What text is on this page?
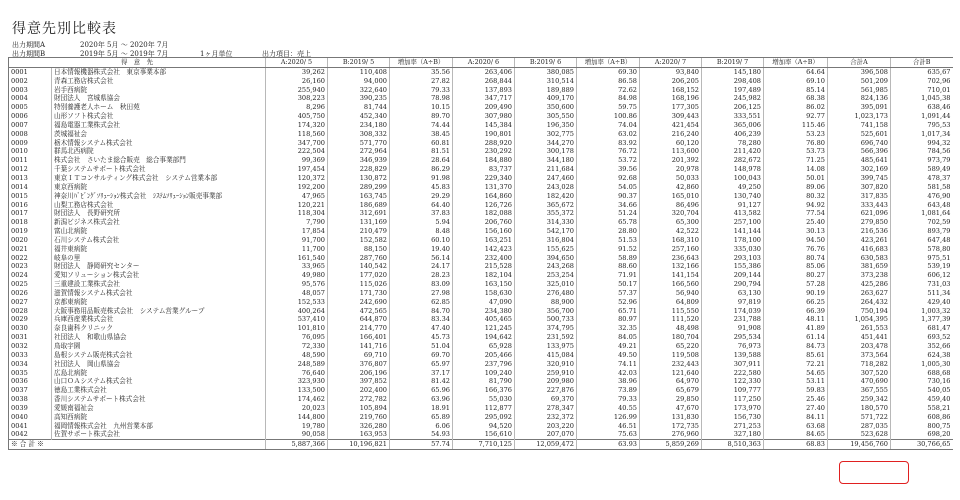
得意先別比較表
出力期間A	2020年 5月 ～ 2020年 7月
出力期間B	2019年 5月 ～ 2019年 7月	1ヶ月単位	出力項目：売上
得　意　先		A:2020/ 5	B:2019/ 5	増加率（A÷B）	A:2020/ 6	B:2019/ 6	増加率（A÷B）	A:2020/ 7	B:2019/ 7	増加率（A÷B）	合計A	合計B
0001	日本情報機器株式会社　東京事業本部	39,262	110,408	35.56	263,406	380,085	69.30	93,840	145,180	64.64	396,508	635,67
0002	青森工務店株式会社	26,160	94,000	27.82	268,844	310,514	86.58	206,205	298,408	69.10	501,209	702,96
0003	岩手西病院	255,940	322,640	79.33	137,893	189,889	72.62	168,152	197,489	85.14	561,985	710,01
0004	財団法人　宮城県協会	308,223	390,235	78.98	347,717	409,170	84.98	168,196	245,982	68.38	824,136	1,045,38
0005	特別養護老人ホーム　秋田苑	8,296	81,744	10.15	209,490	350,600	59.75	177,305	206,125	86.02	395,091	638,46
0006	山形ソフト株式会社	405,750	452,340	89.70	307,980	305,550	100.86	309,443	333,551	92.77	1,023,173	1,091,44
0007	福島電器工業株式会社	174,320	234,180	74.44	145,384	196,350	74.04	421,454	365,006	115.46	741,158	795,53
0008	茨城福祉会	118,560	308,332	38.45	190,801	302,775	63.02	216,240	406,239	53.23	525,601	1,017,34
0009	栃木情報システム株式会社	347,700	571,770	60.81	288,920	344,270	83.92	60,120	78,280	76.80	696,740	994,32
0010	群馬北西病院	222,504	272,964	81.51	230,292	300,178	76.72	113,600	211,420	53.73	566,396	784,56
0011	株式会社　さいたま総合販売　総合事業部門	99,369	346,939	28.64	184,880	344,180	53.72	201,392	282,672	71.25	485,641	973,79
0012	千葉システムサポート株式会社	197,454	228,829	86.29	83,737	211,684	39.56	20,978	148,978	14.08	302,169	589,49
0013	東京ＩＴコンサルティング株式会社　システム営業本部	120,372	130,872	91.98	229,340	247,460	92.68	50,033	100,043	50.01	399,745	478,37
0014	東京西病院	192,200	289,299	45.83	131,370	243,028	54.05	42,860	49,250	89.06	307,820	581,58
0015	神奈川ﾊﾞﾋﾞﾝｸﾞｿﾘｭｰｼｮﾝ株式会社　ｼｽﾃﾑｿﾘｭｰｼｮﾝ販売事業部	47,965	163,745	29.29	164,860	182,420	90.37	165,010	130,740	80.32	317,835	476,90
0016	山梨工務店株式会社	120,221	186,689	64.40	126,726	365,672	34.66	86,496	91,127	94.92	333,443	643,48
0017	財団法人　長野研究所	118,304	312,691	37.83	182,088	355,372	51.24	320,704	413,582	77.54	621,096	1,081,64
0018	新潟ビジネス株式会社	7,790	131,169	5.94	206,760	314,330	65.78	65,300	257,100	25.40	279,850	702,59
0019	富山北病院	17,854	210,479	8.48	156,160	542,170	28.80	42,522	141,144	30.13	216,536	893,79
0020	石川システム株式会社	91,700	152,582	60.10	163,251	316,804	51.53	168,310	178,100	94.50	423,261	647,48
0021	福井東病院	11,700	88,150	19.40	142,423	155,625	91.52	257,160	335,030	76.76	416,683	578,80
0022	岐阜の里	161,540	287,760	56.14	232,400	394,650	58.89	236,643	293,103	80.74	630,583	975,51
0023	財団法人　静岡研究センター	33,965	140,542	24.17	215,528	243,268	88.60	132,166	155,386	85.06	381,659	539,19
0024	愛知ソリューション株式会社	49,980	177,020	28.23	182,104	253,254	71.91	141,154	209,144	80.27	373,238	606,12
0025	三重建設工業株式会社	95,576	115,026	83.09	163,150	325,010	50.17	166,560	290,794	57.28	425,286	731,03
0026	滋賀情報システム株式会社	48,057	171,730	27.98	158,630	276,480	57.37	56,940	63,130	90.19	263,627	511,34
0027	京都東病院	152,533	242,690	62.85	47,090	88,900	52.96	64,809	97,819	66.25	264,432	429,40
0028	大阪事務用品販売株式会社　システム営業グループ	400,264	472,565	84.70	234,380	356,700	65.71	115,550	174,039	66.39	750,194	1,003,32
0029	兵庫西産業株式会社	537,410	644,870	83.34	405,465	500,733	80.97	111,520	231,788	48.11	1,054,395	1,377,39
0030	奈良歯科クリニック	101,810	214,770	47.40	121,245	374,795	32.35	48,498	91,908	41.89	261,553	681,47
0031	社団法人　和歌山県協会	76,095	166,401	45.73	194,642	231,592	84.05	180,704	295,534	61.14	451,441	693,52
0032	鳥取宇園	72,330	141,716	51.04	65,928	133,975	49.21	65,220	76,973	84.73	203,478	352,66
0033	島根システム販売株式会社	48,590	69,710	69.70	205,466	415,084	49.50	119,508	139,588	85.61	373,564	624,38
0034	社団法人　岡山県協会	248,589	376,807	65.97	237,796	320,910	74.11	232,443	307,911	72.21	718,282	1,005,30
0035	広島北病院	76,640	206,196	37.17	109,240	259,910	42.03	121,640	222,580	54.65	307,520	688,68
0036	山口ＯＡシステム株式会社	323,930	397,852	81.42	81,790	209,980	38.96	64,970	122,330	53.11	470,690	730,16
0037	徳島工業株式会社	133,500	202,400	65.96	166,376	227,876	73.89	65,679	109,777	59.83	367,555	540,05
0038	香川システムサポート株式会社	174,462	272,782	63.96	55,030	69,370	79.33	29,850	117,250	25.46	259,342	459,40
0039	愛媛南福祉会	20,023	105,894	18.91	112,877	278,347	40.55	47,670	173,970	27.40	180,570	558,21
0040	高知西病院	144,800	219,760	65.89	295,092	232,372	126.99	131,830	156,730	84.11	571,722	608,86
0041	福岡情報株式会社　九州営業本部	19,780	326,280	6.06	94,520	203,220	46.51	172,735	271,253	63.68	287,035	800,75
0042	佐賀サポート株式会社	90,058	163,953	54.93	156,610	207,070	75.63	276,960	327,180	84.65	523,628	698,20
※ 合 計 ※		5,887,366	10,196,821	57.74	7,710,125	12,059,472	63.93	5,859,269	8,510,363	68.83	19,456,760	30,766,65
